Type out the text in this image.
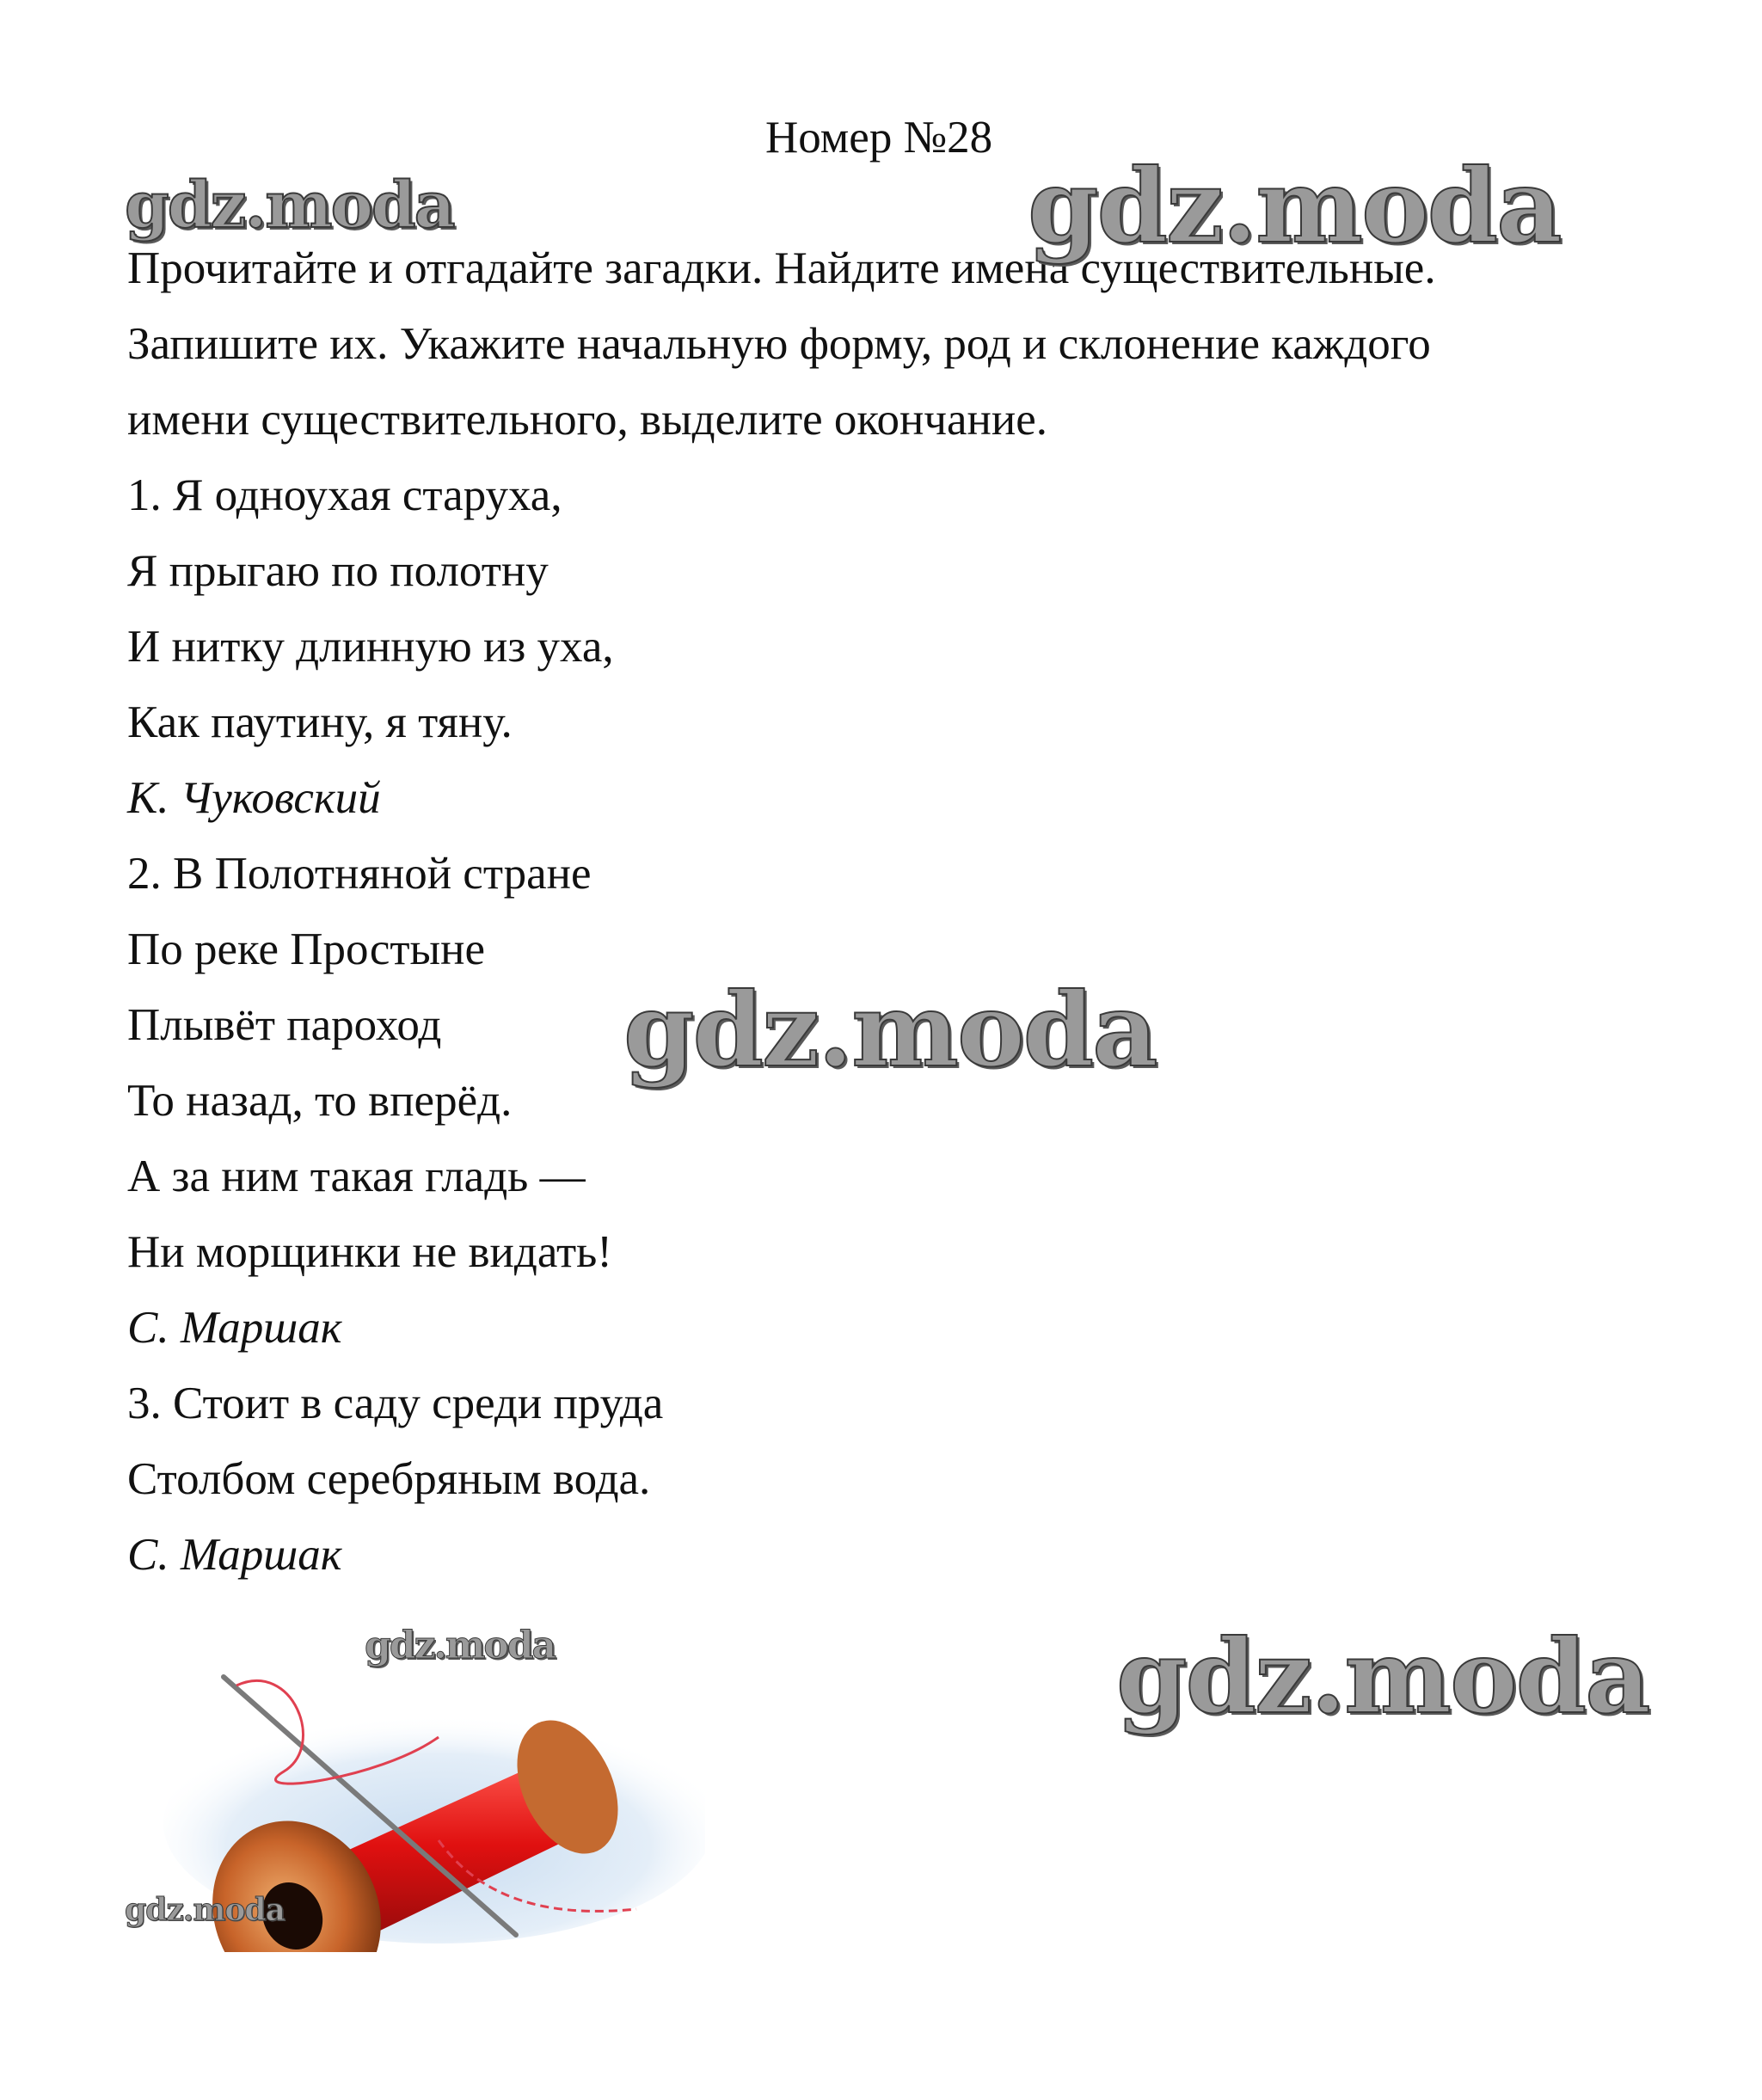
Номер №28

Прочитайте и отгадайте загадки. Найдите имена существительные.

Запишите их. Укажите начальную форму, род и склонение каждого

имени существительного, выделите окончание.

1. Я одноухая старуха,

Я прыгаю по полотну

И нитку длинную из уха,

Как паутину, я тяну.

К. Чуковский

2. В Полотняной стране

По реке Простыне

Плывёт пароход

То назад, то вперёд.

А за ним такая гладь —

Ни морщинки не видать!

С. Маршак

3. Стоит в саду среди пруда

Столбом серебряным вода.

С. Маршак

gdz.moda	gdz.moda
gdz.moda
gdz.moda
gdz.moda
gdz.moda
